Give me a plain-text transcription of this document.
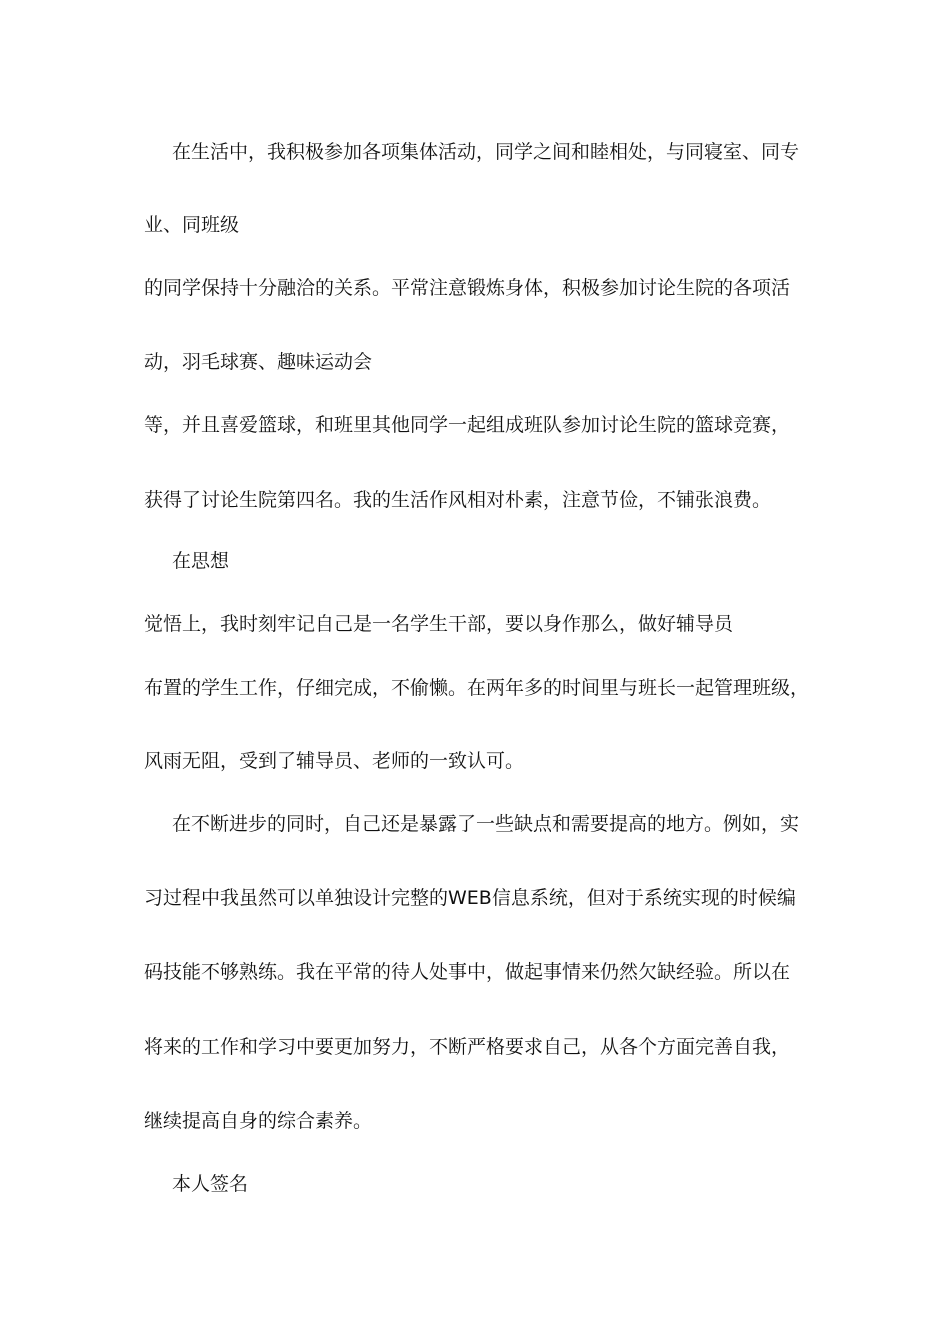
在生活中，我积极参加各项集体活动，同学之间和睦相处，与同寝室、同专

业、同班级

的同学保持十分融洽的关系。平常注意锻炼身体，积极参加讨论生院的各项活

动，羽毛球赛、趣味运动会

等，并且喜爱篮球，和班里其他同学一起组成班队参加讨论生院的篮球竞赛，

获得了讨论生院第四名。我的生活作风相对朴素，注意节俭，不铺张浪费。

在思想

觉悟上，我时刻牢记自己是一名学生干部，要以身作那么，做好辅导员

布置的学生工作，仔细完成，不偷懒。在两年多的时间里与班长一起管理班级，

风雨无阻，受到了辅导员、老师的一致认可。

在不断进步的同时，自己还是暴露了一些缺点和需要提高的地方。例如，实

习过程中我虽然可以单独设计完整的WEB信息系统，但对于系统实现的时候编

码技能不够熟练。我在平常的待人处事中，做起事情来仍然欠缺经验。所以在

将来的工作和学习中要更加努力，不断严格要求自己，从各个方面完善自我，

继续提高自身的综合素养。

本人签名
